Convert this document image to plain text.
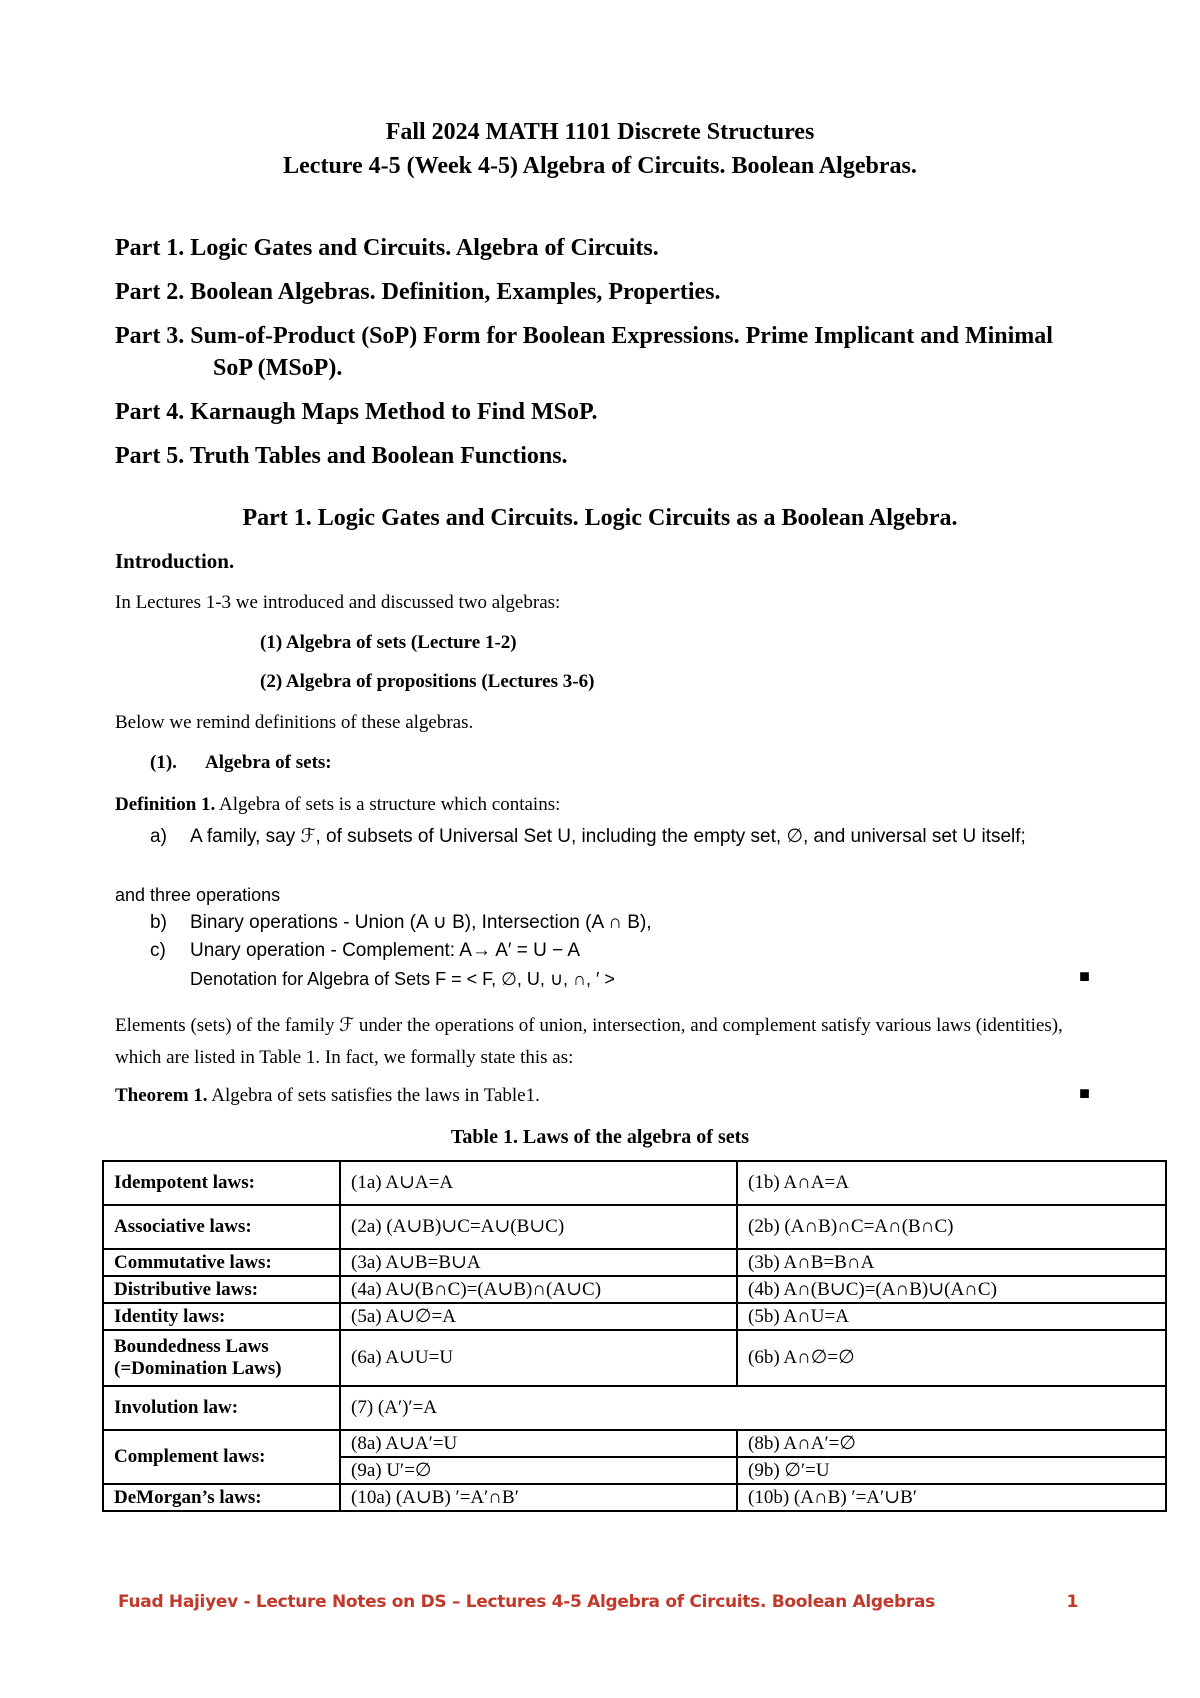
Fall 2024 MATH 1101 Discrete Structures
Lecture 4-5 (Week 4-5) Algebra of Circuits. Boolean Algebras.
Part 1. Logic Gates and Circuits. Algebra of Circuits.
Part 2. Boolean Algebras. Definition, Examples, Properties.
Part 3. Sum-of-Product (SoP) Form for Boolean Expressions. Prime Implicant and Minimal SoP (MSoP).
Part 4. Karnaugh Maps Method to Find MSoP.
Part 5. Truth Tables and Boolean Functions.
Part 1. Logic Gates and Circuits. Logic Circuits as a Boolean Algebra.
Introduction.
In Lectures 1-3 we introduced and discussed two algebras:
(1) Algebra of sets (Lecture 1-2)
(2) Algebra of propositions (Lectures 3-6)
Below we remind definitions of these algebras.
(1). Algebra of sets:
Definition 1. Algebra of sets is a structure which contains:
a) A family, say ℱ, of subsets of Universal Set U, including the empty set, ∅, and universal set U itself;
and three operations
b) Binary operations - Union (A ∪ B), Intersection (A ∩ B),
c) Unary operation - Complement: A→ A′ = U − A
Denotation for Algebra of Sets F = < F, ∅, U, ∪, ∩, ′ >	■
Elements (sets) of the family ℱ under the operations of union, intersection, and complement satisfy various laws (identities), which are listed in Table 1. In fact, we formally state this as:
Theorem 1. Algebra of sets satisfies the laws in Table1.	■
Table 1. Laws of the algebra of sets
Idempotent laws:	(1a) A∪A=A	(1b) A∩A=A
Associative laws:	(2a) (A∪B)∪C=A∪(B∪C)	(2b) (A∩B)∩C=A∩(B∩C)
Commutative laws:	(3a) A∪B=B∪A	(3b) A∩B=B∩A
Distributive laws:	(4a) A∪(B∩C)=(A∪B)∩(A∪C)	(4b) A∩(B∪C)=(A∩B)∪(A∩C)
Identity laws:	(5a) A∪∅=A	(5b) A∩U=A
Boundedness Laws (=Domination Laws)	(6a) A∪U=U	(6b) A∩∅=∅
Involution law:	(7) (A′)′=A	
Complement laws:	(8a) A∪A′=U	(8b) A∩A′=∅
	(9a) U′=∅	(9b) ∅′=U
DeMorgan’s laws:	(10a) (A∪B) ′=A′∩B′	(10b) (A∩B) ′=A′∪B′
Fuad Hajiyev - Lecture Notes on DS – Lectures 4-5 Algebra of Circuits. Boolean Algebras	1
